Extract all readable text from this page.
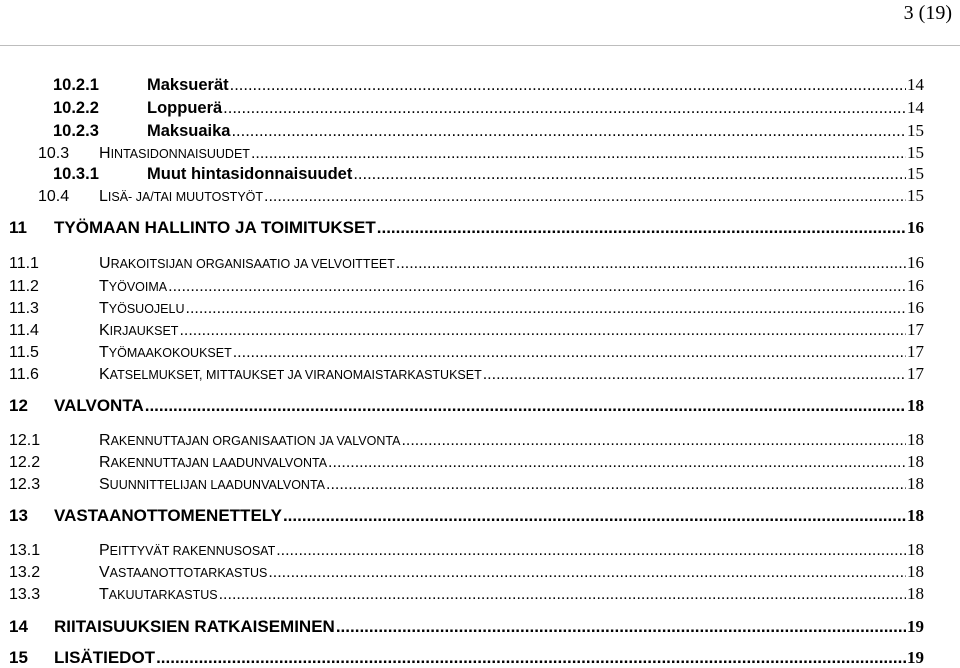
3 (19)
10.2.1	Maksuerät .....	14
10.2.2	Loppuerä .....	14
10.2.3	Maksuaika .....	15
10.3	HINTASIDONNAISUUDET .....	15
10.3.1	Muut hintasidonnaisuudet .....	15
10.4	LISÄ- JA/TAI MUUTOSTYÖT .....	15
11	TYÖMAAN HALLINTO JA TOIMITUKSET .....	16
11.1	URAKOITSIJAN ORGANISAATIO JA VELVOITTEET .....	16
11.2	TYÖVOIMA .....	16
11.3	TYÖSUOJELU .....	16
11.4	KIRJAUKSET .....	17
11.5	TYÖMAAKOKOUKSET .....	17
11.6	KATSELMUKSET, MITTAUKSET JA VIRANOMAISTARKASTUKSET .....	17
12	VALVONTA .....	18
12.1	RAKENNUTTAJAN ORGANISAATION JA VALVONTA .....	18
12.2	RAKENNUTTAJAN LAADUNVALVONTA .....	18
12.3	SUUNNITTELIJAN LAADUNVALVONTA .....	18
13	VASTAANOTTOMENETTELY .....	18
13.1	PEITTYVÄT RAKENNUSOSAT .....	18
13.2	VASTAANOTTOTARKASTUS .....	18
13.3	TAKUUTARKASTUS .....	18
14	RIITAISUUKSIEN RATKAISEMINEN .....	19
15	LISÄTIEDOT .....	19
